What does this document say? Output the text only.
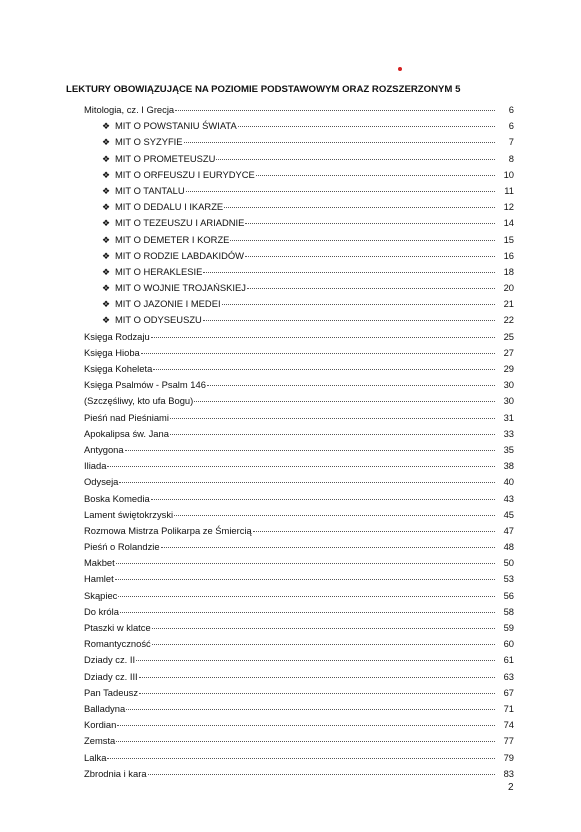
LEKTURY OBOWIĄZUJĄCE NA POZIOMIE PODSTAWOWYM ORAZ ROZSZERZONYM 5
Mitologia, cz. I Grecja	6
❖ MIT O POWSTANIU ŚWIATA	6
❖ MIT O SYZYFIE	7
❖ MIT O PROMETEUSZU	8
❖ MIT O ORFEUSZU I EURYDYCE	10
❖ MIT O TANTALU	11
❖ MIT O DEDALU I IKARZE	12
❖ MIT O TEZEUSZU I ARIADNIE	14
❖ MIT O DEMETER I KORZE	15
❖ MIT O RODZIE LABDAKIDÓW	16
❖ MIT O HERAKLESIE	18
❖ MIT O WOJNIE TROJAŃSKIEJ	20
❖ MIT O JAZONIE I MEDEI	21
❖ MIT O ODYSEUSZU	22
Księga Rodzaju	25
Księga Hioba	27
Księga Koheleta	29
Księga Psalmów - Psalm 146	30
(Szczęśliwy, kto ufa Bogu)	30
Pieśń nad Pieśniami	31
Apokalipsa św. Jana	33
Antygona	35
Iliada	38
Odyseja	40
Boska Komedia	43
Lament świętokrzyski	45
Rozmowa Mistrza Polikarpa ze Śmiercią	47
Pieśń o Rolandzie	48
Makbet	50
Hamlet	53
Skąpiec	56
Do króla	58
Ptaszki w klatce	59
Romantyczność	60
Dziady cz. II	61
Dziady cz. III	63
Pan Tadeusz	67
Balladyna	71
Kordian	74
Zemsta	77
Lalka	79
Zbrodnia i kara	83
2
